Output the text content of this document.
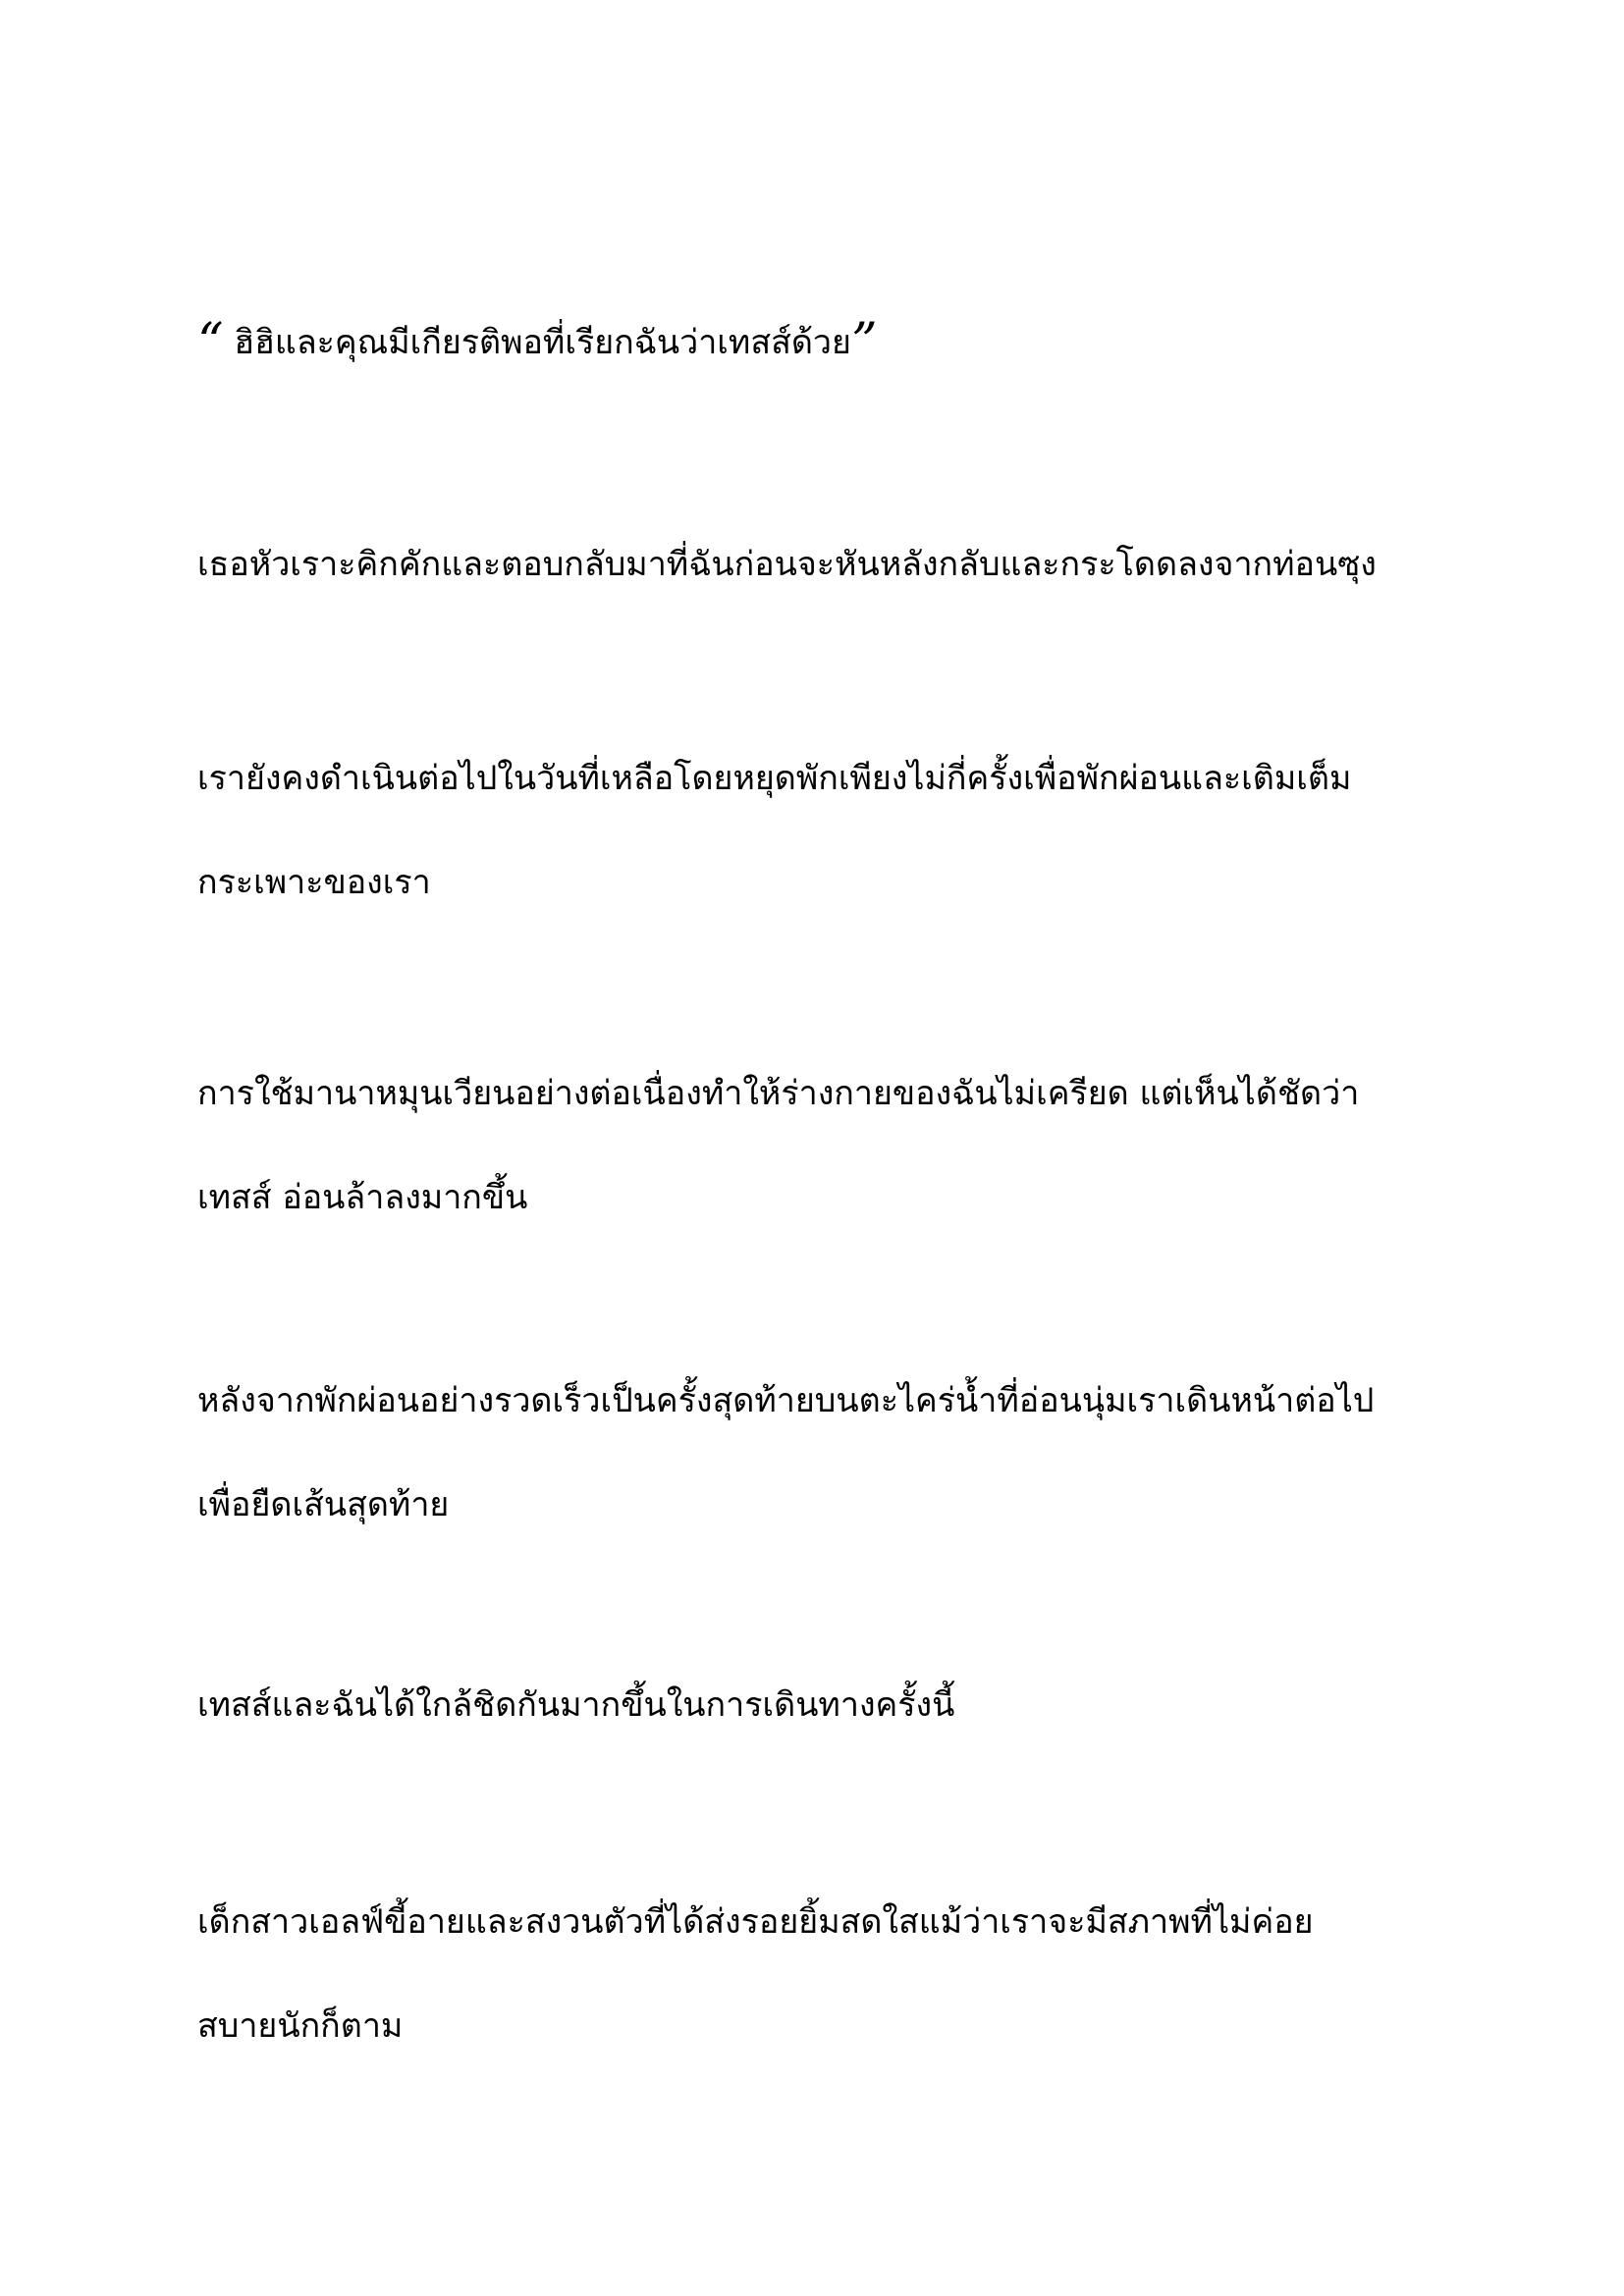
“ ฮิฮิและคุณมีเกียรติพอที่เรียกฉันว่าเทสส์ด้วย”

เธอหัวเราะคิกคักและตอบกลับมาที่ฉันก่อนจะหันหลังกลับและกระโดดลงจากท่อนซุง

เรายังคงดำเนินต่อไปในวันที่เหลือโดยหยุดพักเพียงไม่กี่ครั้งเพื่อพักผ่อนและเติมเต็ม
กระเพาะของเรา

การใช้มานาหมุนเวียนอย่างต่อเนื่องทำให้ร่างกายของฉันไม่เครียด แต่เห็นได้ชัดว่า
เทสส์ อ่อนล้าลงมากขึ้น

หลังจากพักผ่อนอย่างรวดเร็วเป็นครั้งสุดท้ายบนตะไคร่น้ำที่อ่อนนุ่มเราเดินหน้าต่อไป
เพื่อยืดเส้นสุดท้าย

เทสส์และฉันได้ใกล้ชิดกันมากขึ้นในการเดินทางครั้งนี้

เด็กสาวเอลฟ์ขี้อายและสงวนตัวที่ได้ส่งรอยยิ้มสดใสแม้ว่าเราจะมีสภาพที่ไม่ค่อย
สบายนักก็ตาม
